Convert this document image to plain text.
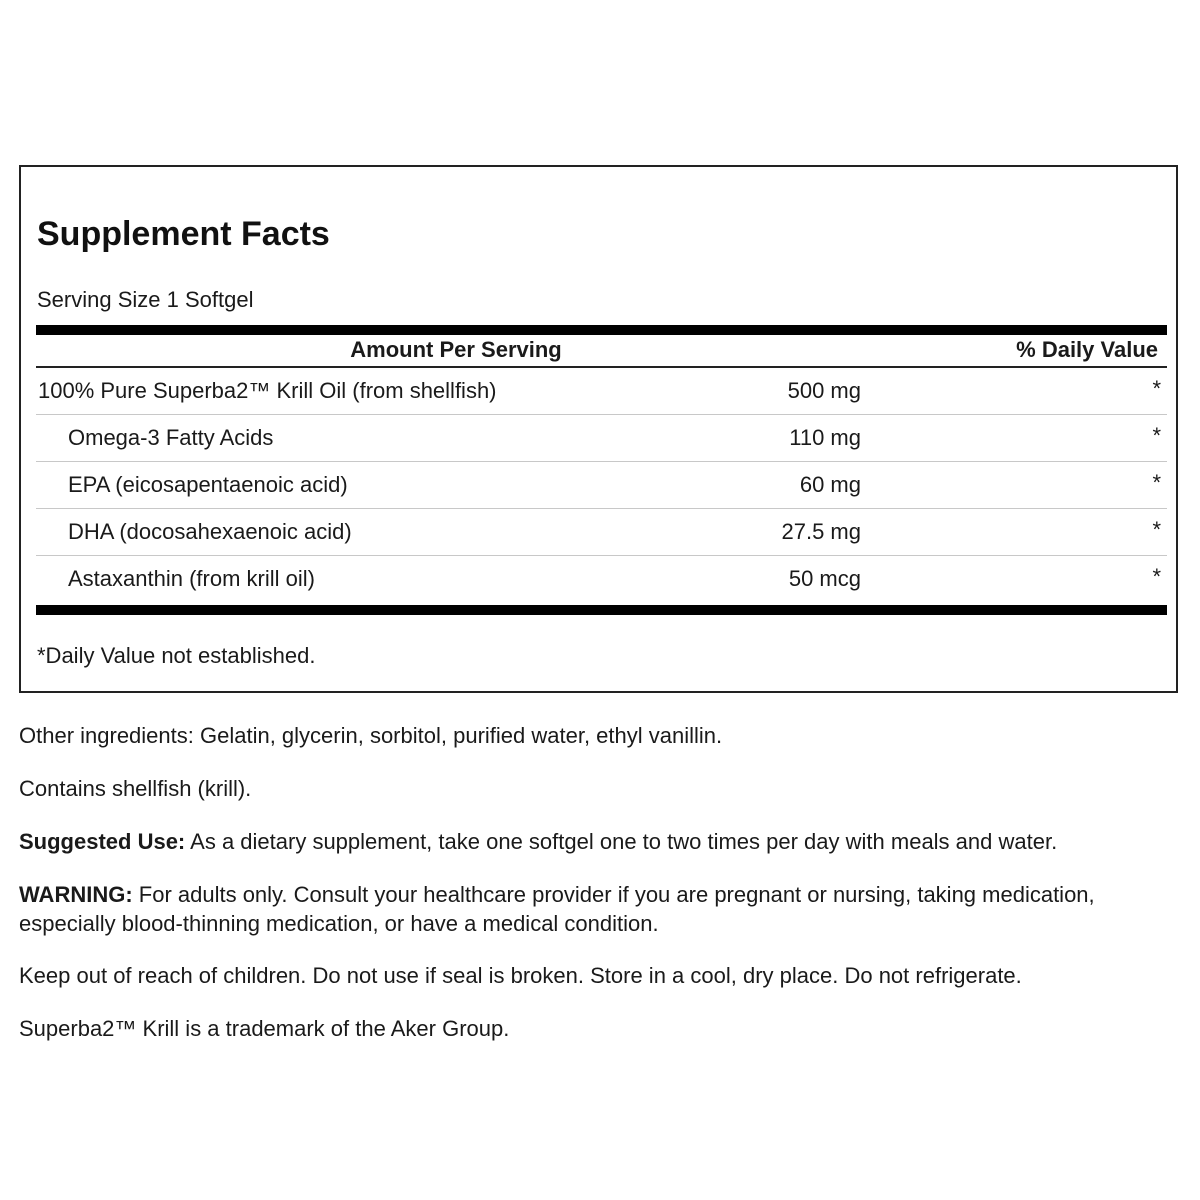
Supplement Facts
Serving Size 1 Softgel
Amount Per Serving	% Daily Value
100% Pure Superba2™ Krill Oil (from shellfish)	500 mg	*
Omega-3 Fatty Acids	110 mg	*
EPA (eicosapentaenoic acid)	60 mg	*
DHA (docosahexaenoic acid)	27.5 mg	*
Astaxanthin (from krill oil)	50 mcg	*
*Daily Value not established.

Other ingredients: Gelatin, glycerin, sorbitol, purified water, ethyl vanillin.

Contains shellfish (krill).

Suggested Use: As a dietary supplement, take one softgel one to two times per day with meals and water.

WARNING: For adults only. Consult your healthcare provider if you are pregnant or nursing, taking medication, especially blood-thinning medication, or have a medical condition.

Keep out of reach of children. Do not use if seal is broken. Store in a cool, dry place. Do not refrigerate.

Superba2™ Krill is a trademark of the Aker Group.
